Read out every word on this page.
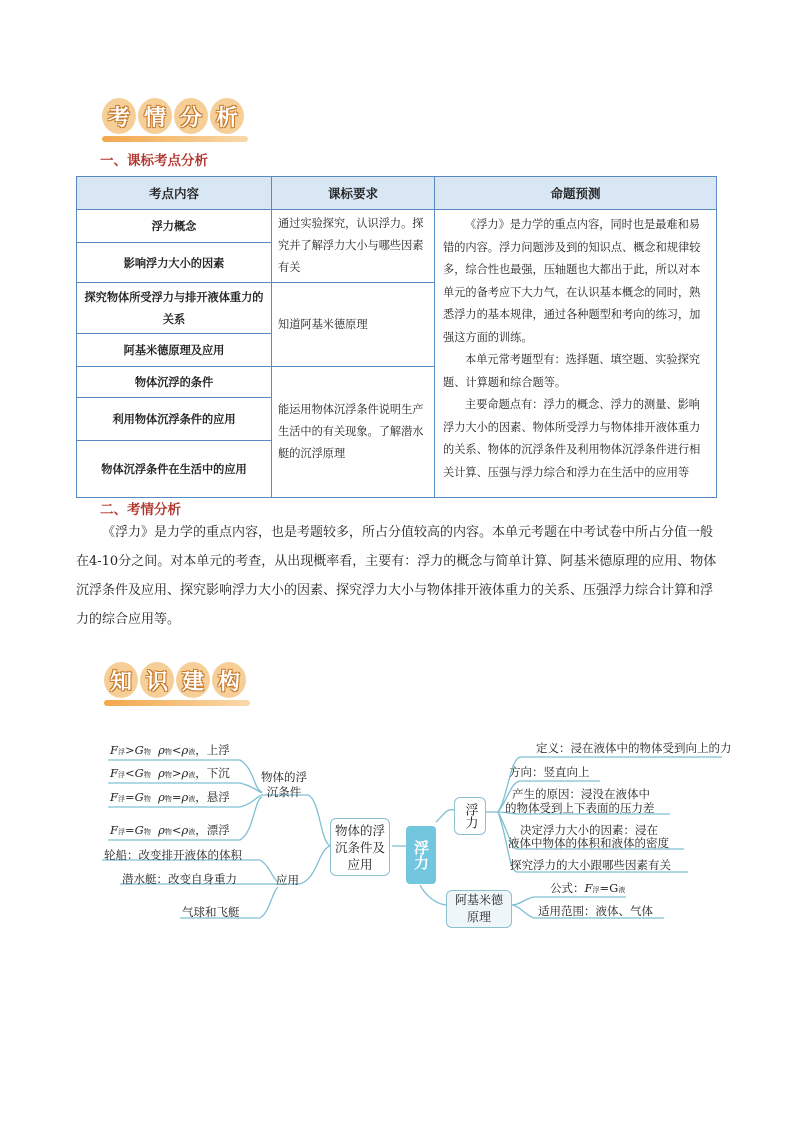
考 情 分 析
一、课标考点分析
考点内容	课标要求	命题预测
浮力概念	通过实验探究，认识浮力。探究并了解浮力大小与哪些因素有关	《浮力》是力学的重点内容，同时也是最难和易错的内容。浮力问题涉及到的知识点、概念和规律较多，综合性也最强，压轴题也大都出于此，所以对本单元的备考应下大力气，在认识基本概念的同时，熟悉浮力的基本规律，通过各种题型和考向的练习，加强这方面的训练。
本单元常考题型有：选择题、填空题、实验探究题、计算题和综合题等。
主要命题点有：浮力的概念、浮力的测量、影响浮力大小的因素、物体所受浮力与物体排开液体重力的关系、物体的沉浮条件及利用物体沉浮条件进行相关计算、压强与浮力综合和浮力在生活中的应用等

影响浮力大小的因素		
探究物体所受浮力与排开液体重力的关系	知道阿基米德原理	
阿基米德原理及应用		
物体沉浮的条件	能运用物体沉浮条件说明生产生活中的有关现象。了解潜水艇的沉浮原理	
利用物体沉浮条件的应用		
物体沉浮条件在生活中的应用		
二、考情分析
《浮力》是力学的重点内容，也是考题较多，所占分值较高的内容。本单元考题在中考试卷中所占分值一般在4-10分之间。对本单元的考查，从出现概率看，主要有：浮力的概念与简单计算、阿基米德原理的应用、物体沉浮条件及应用、探究影响浮力大小的因素、探究浮力大小与物体排开液体重力的关系、压强浮力综合计算和浮力的综合应用等。
知 识 建 构
F浮>G物 ρ物<ρ液，上浮
F浮<G物 ρ物>ρ液，下沉
F浮=G物 ρ物=ρ液，悬浮
F浮=G物 ρ物<ρ液，漂浮
物体的浮沉条件
轮船：改变排开液体的体积
潜水艇：改变自身重力
气球和飞艇
应用
物体的浮沉条件及应用	浮力
浮力
定义：浸在液体中的物体受到向上的力
方向：竖直向上
产生的原因：浸没在液体中
的物体受到上下表面的压力差
决定浮力大小的因素：浸在
液体中物体的体积和液体的密度
探究浮力的大小跟哪些因素有关
阿基米德原理
公式：F浮=G液
适用范围：液体、气体
